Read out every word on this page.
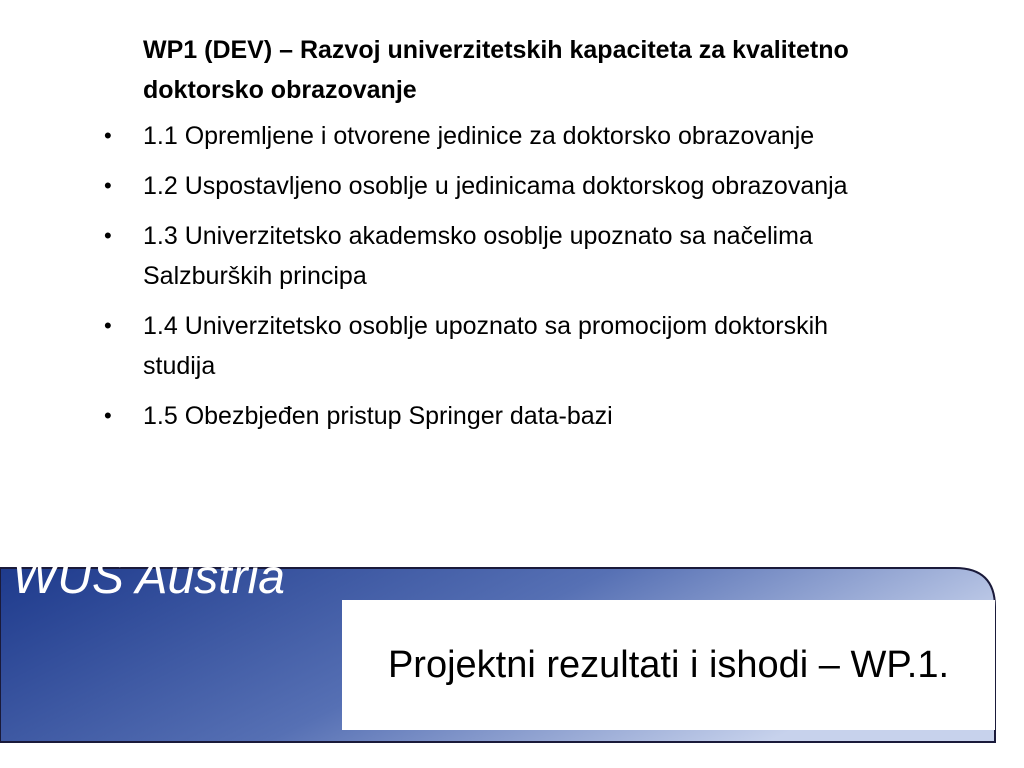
WP1 (DEV) – Razvoj univerzitetskih kapaciteta za kvalitetno doktorsko obrazovanje

• 1.1 Opremljene i otvorene jedinice za doktorsko obrazovanje
• 1.2 Uspostavljeno osoblje u jedinicama doktorskog obrazovanja
• 1.3 Univerzitetsko akademsko osoblje upoznato sa načelima Salzburških principa
• 1.4 Univerzitetsko osoblje upoznato sa promocijom doktorskih studija
• 1.5 Obezbjeđen pristup Springer data-bazi
WUS Austria
Projektni rezultati i ishodi – WP.1.
